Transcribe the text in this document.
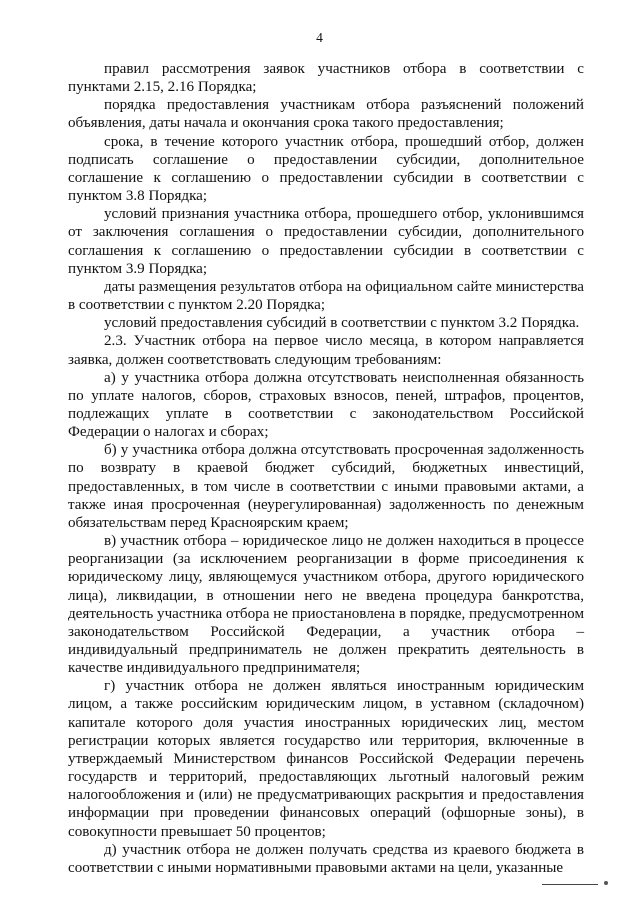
4

правил рассмотрения заявок участников отбора в соответствии с пунктами 2.15, 2.16 Порядка;

порядка предоставления участникам отбора разъяснений положений объявления, даты начала и окончания срока такого предоставления;

срока, в течение которого участник отбора, прошедший отбор, должен подписать соглашение о предоставлении субсидии, дополнительное соглашение к соглашению о предоставлении субсидии в соответствии с пунктом 3.8 Порядка;

условий признания участника отбора, прошедшего отбор, уклонившимся от заключения соглашения о предоставлении субсидии, дополнительного соглашения к соглашению о предоставлении субсидии в соответствии с пунктом 3.9 Порядка;

даты размещения результатов отбора на официальном сайте министерства в соответствии с пунктом 2.20 Порядка;

условий предоставления субсидий в соответствии с пунктом 3.2 Порядка.

2.3. Участник отбора на первое число месяца, в котором направляется заявка, должен соответствовать следующим требованиям:

а) у участника отбора должна отсутствовать неисполненная обязанность по уплате налогов, сборов, страховых взносов, пеней, штрафов, процентов, подлежащих уплате в соответствии с законодательством Российской Федерации о налогах и сборах;

б) у участника отбора должна отсутствовать просроченная задолженность по возврату в краевой бюджет субсидий, бюджетных инвестиций, предоставленных, в том числе в соответствии с иными правовыми актами, а также иная просроченная (неурегулированная) задолженность по денежным обязательствам перед Красноярским краем;

в) участник отбора – юридическое лицо не должен находиться в процессе реорганизации (за исключением реорганизации в форме присоединения к юридическому лицу, являющемуся участником отбора, другого юридического лица), ликвидации, в отношении него не введена процедура банкротства, деятельность участника отбора не приостановлена в порядке, предусмотренном законодательством Российской Федерации, а участник отбора – индивидуальный предприниматель не должен прекратить деятельность в качестве индивидуального предпринимателя;

г) участник отбора не должен являться иностранным юридическим лицом, а также российским юридическим лицом, в уставном (складочном) капитале которого доля участия иностранных юридических лиц, местом регистрации которых является государство или территория, включенные в утверждаемый Министерством финансов Российской Федерации перечень государств и территорий, предоставляющих льготный налоговый режим налогообложения и (или) не предусматривающих раскрытия и предоставления информации при проведении финансовых операций (офшорные зоны), в совокупности превышает 50 процентов;

д) участник отбора не должен получать средства из краевого бюджета в соответствии с иными нормативными правовыми актами на цели, указанные
